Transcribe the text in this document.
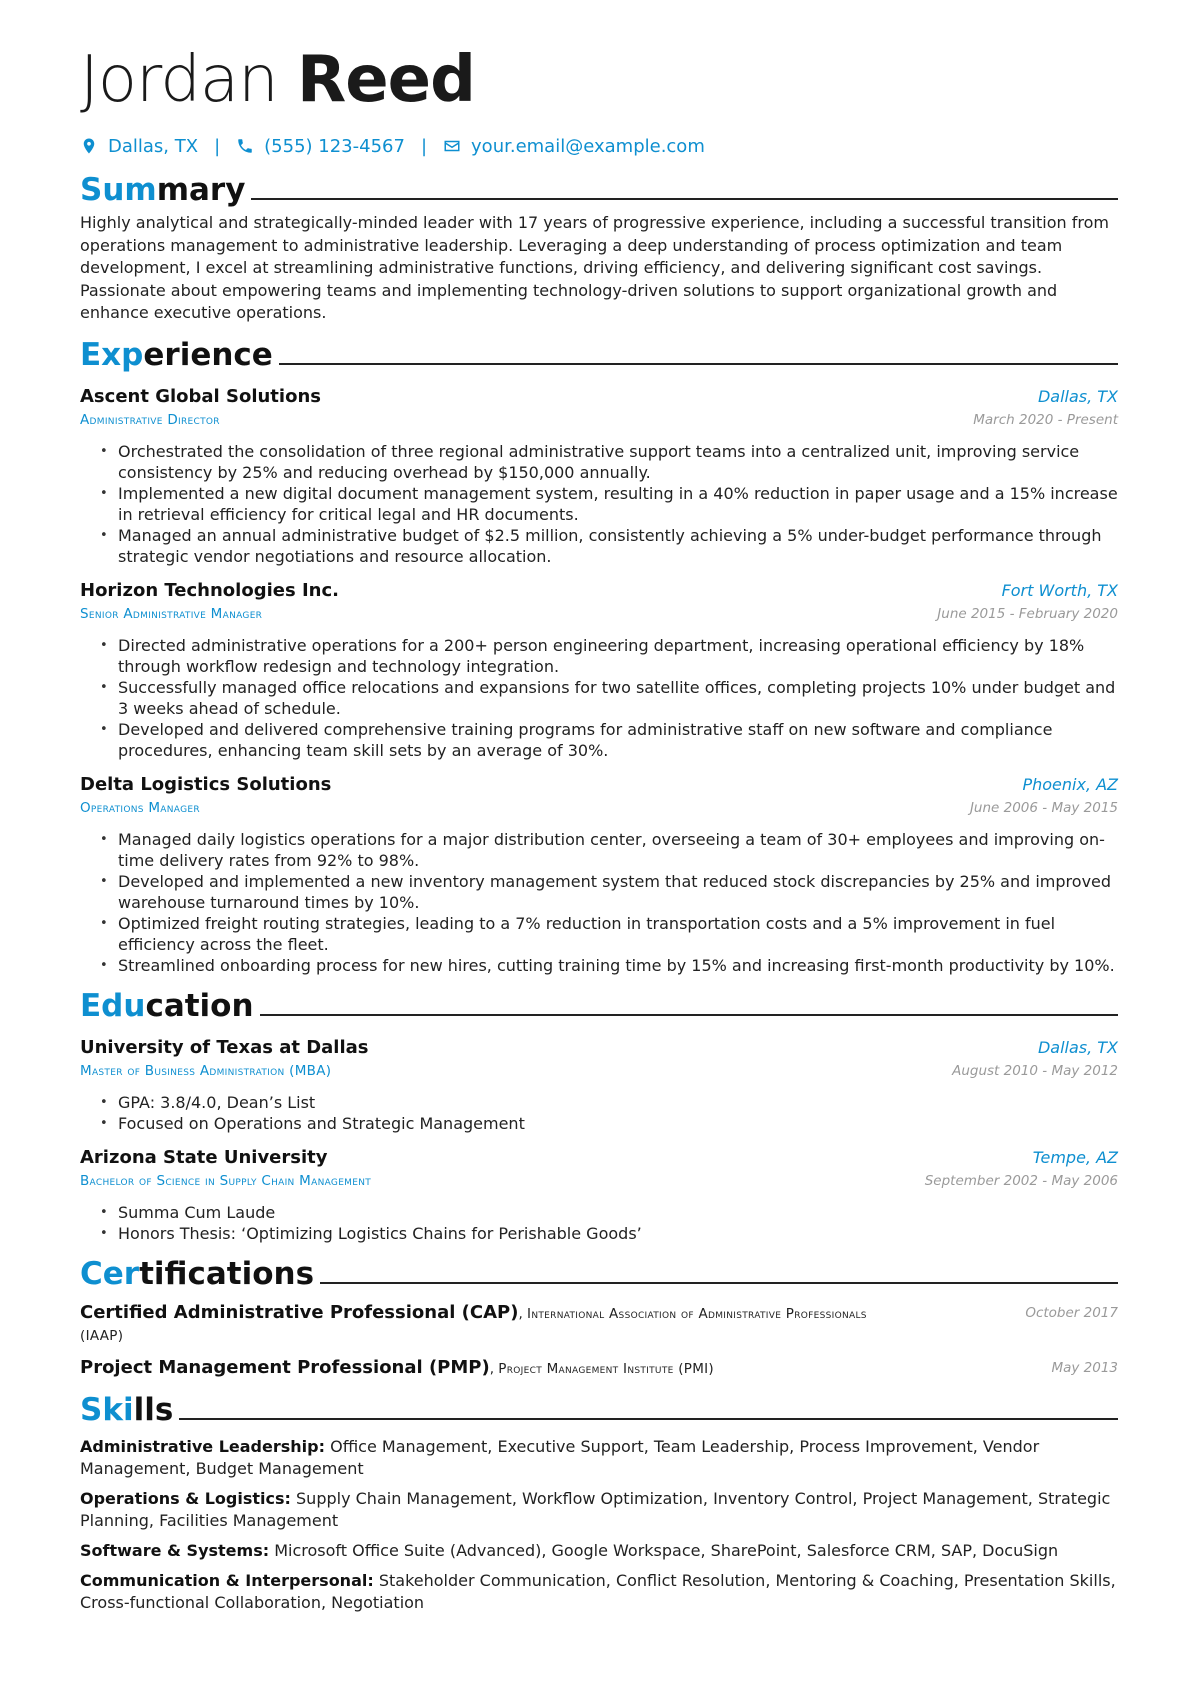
Jordan Reed
Dallas, TX | (555) 123-4567 | your.email@example.com
Summary

Highly analytical and strategically-minded leader with 17 years of progressive experience, including a successful transition from operations management to administrative leadership. Leveraging a deep understanding of process optimization and team development, I excel at streamlining administrative functions, driving efficiency, and delivering significant cost savings. Passionate about empowering teams and implementing technology-driven solutions to support organizational growth and enhance executive operations.

Experience
Ascent Global Solutions	Dallas, TX
Administrative Director	March 2020 - Present
• Orchestrated the consolidation of three regional administrative support teams into a centralized unit, improving service consistency by 25% and reducing overhead by $150,000 annually.
• Implemented a new digital document management system, resulting in a 40% reduction in paper usage and a 15% increase in retrieval efficiency for critical legal and HR documents.
• Managed an annual administrative budget of $2.5 million, consistently achieving a 5% under-budget performance through strategic vendor negotiations and resource allocation.
Horizon Technologies Inc.	Fort Worth, TX
Senior Administrative Manager	June 2015 - February 2020
• Directed administrative operations for a 200+ person engineering department, increasing operational efficiency by 18% through workflow redesign and technology integration.
• Successfully managed office relocations and expansions for two satellite offices, completing projects 10% under budget and 3 weeks ahead of schedule.
• Developed and delivered comprehensive training programs for administrative staff on new software and compliance procedures, enhancing team skill sets by an average of 30%.
Delta Logistics Solutions	Phoenix, AZ
Operations Manager	June 2006 - May 2015
• Managed daily logistics operations for a major distribution center, overseeing a team of 30+ employees and improving on-time delivery rates from 92% to 98%.
• Developed and implemented a new inventory management system that reduced stock discrepancies by 25% and improved warehouse turnaround times by 10%.
• Optimized freight routing strategies, leading to a 7% reduction in transportation costs and a 5% improvement in fuel efficiency across the fleet.
• Streamlined onboarding process for new hires, cutting training time by 15% and increasing first-month productivity by 10%.
Education
University of Texas at Dallas	Dallas, TX
Master of Business Administration (MBA)	August 2010 - May 2012
• GPA: 3.8/4.0, Dean’s List
• Focused on Operations and Strategic Management
Arizona State University	Tempe, AZ
Bachelor of Science in Supply Chain Management	September 2002 - May 2006
• Summa Cum Laude
• Honors Thesis: ‘Optimizing Logistics Chains for Perishable Goods’
Certifications
Certified Administrative Professional (CAP), International Association of Administrative Professionals (IAAP)
October 2017
Project Management Professional (PMP), Project Management Institute (PMI)	May 2013
Skills

Administrative Leadership: Office Management, Executive Support, Team Leadership, Process Improvement, Vendor Management, Budget Management

Operations & Logistics: Supply Chain Management, Workflow Optimization, Inventory Control, Project Management, Strategic Planning, Facilities Management

Software & Systems: Microsoft Office Suite (Advanced), Google Workspace, SharePoint, Salesforce CRM, SAP, DocuSign

Communication & Interpersonal: Stakeholder Communication, Conflict Resolution, Mentoring & Coaching, Presentation Skills, Cross-functional Collaboration, Negotiation
